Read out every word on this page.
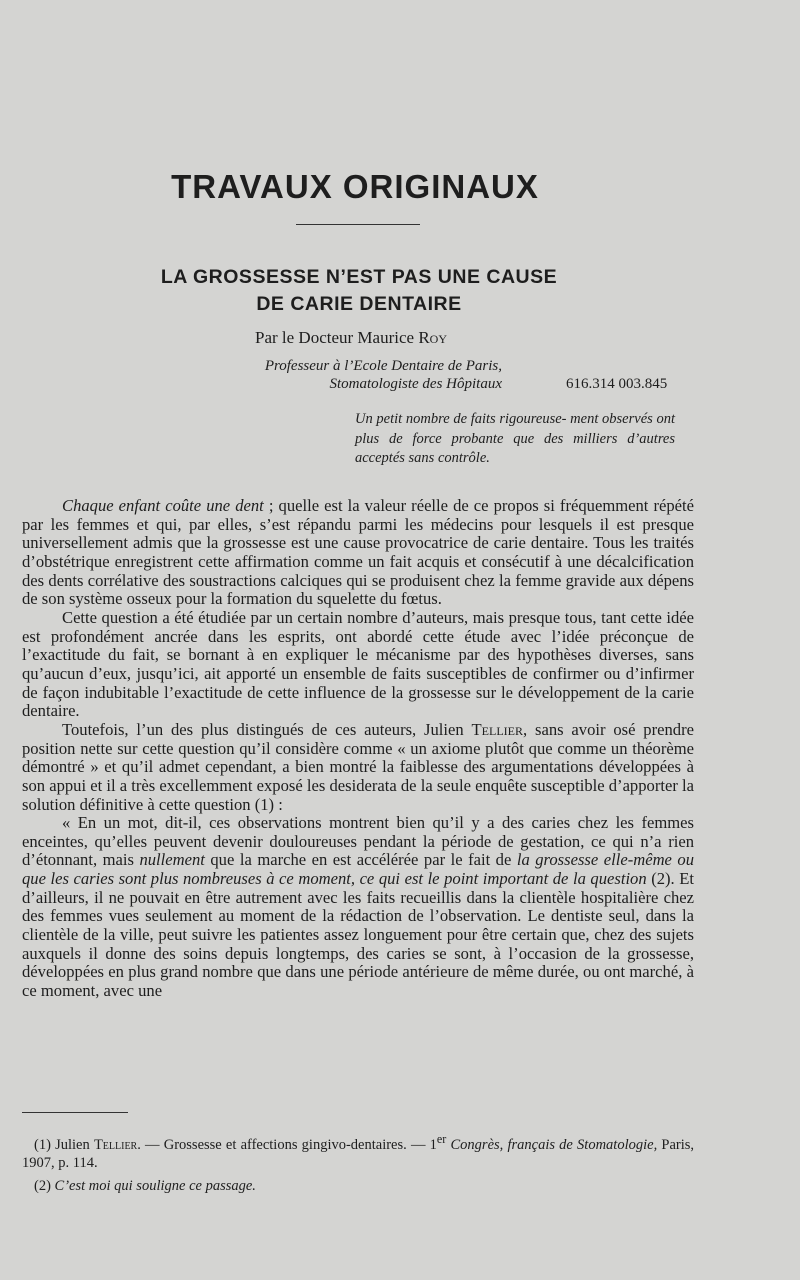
TRAVAUX ORIGINAUX
LA GROSSESSE N’EST PAS UNE CAUSE
DE CARIE DENTAIRE
Par le Docteur Maurice Roy
Professeur à l’Ecole Dentaire de Paris,
Stomatologiste des Hôpitaux	616.314 003.845

Un petit nombre de faits rigoureuse- ment observés ont plus de force probante que des milliers d’autres acceptés sans contrôle.

Chaque enfant coûte une dent ; quelle est la valeur réelle de ce propos si fréquemment répété par les femmes et qui, par elles, s’est répandu parmi les médecins pour lesquels il est presque universellement admis que la grossesse est une cause provocatrice de carie dentaire. Tous les traités d’obstétrique enregistrent cette affirmation comme un fait acquis et consécutif à une décalcification des dents corrélative des soustractions calciques qui se produisent chez la femme gravide aux dépens de son système osseux pour la formation du squelette du fœtus.

Cette question a été étudiée par un certain nombre d’auteurs, mais presque tous, tant cette idée est profondément ancrée dans les esprits, ont abordé cette étude avec l’idée préconçue de l’exactitude du fait, se bornant à en expliquer le mécanisme par des hypothèses diverses, sans qu’aucun d’eux, jusqu’ici, ait apporté un ensemble de faits susceptibles de confirmer ou d’infirmer de façon indubitable l’exactitude de cette influence de la grossesse sur le développement de la carie dentaire.

Toutefois, l’un des plus distingués de ces auteurs, Julien Tellier, sans avoir osé prendre position nette sur cette question qu’il considère comme « un axiome plutôt que comme un théorème démontré » et qu’il admet cependant, a bien montré la faiblesse des argumentations développées à son appui et il a très excellemment exposé les desiderata de la seule enquête susceptible d’apporter la solution définitive à cette question (1) :

« En un mot, dit-il, ces observations montrent bien qu’il y a des caries chez les femmes enceintes, qu’elles peuvent devenir douloureuses pendant la période de gestation, ce qui n’a rien d’étonnant, mais nullement que la marche en est accélérée par le fait de la grossesse elle-même ou que les caries sont plus nombreuses à ce moment, ce qui est le point important de la question (2). Et d’ailleurs, il ne pouvait en être autrement avec les faits recueillis dans la clientèle hospitalière chez des femmes vues seulement au moment de la rédaction de l’observation. Le dentiste seul, dans la clientèle de la ville, peut suivre les patientes assez longuement pour être certain que, chez des sujets auxquels il donne des soins depuis longtemps, des caries se sont, à l’occasion de la grossesse, développées en plus grand nombre que dans une période antérieure de même durée, ou ont marché, à ce moment, avec une

(1) Julien Tellier. — Grossesse et affections gingivo-dentaires. — 1er Congrès, français de Stomatologie, Paris, 1907, p. 114.

(2) C’est moi qui souligne ce passage.
